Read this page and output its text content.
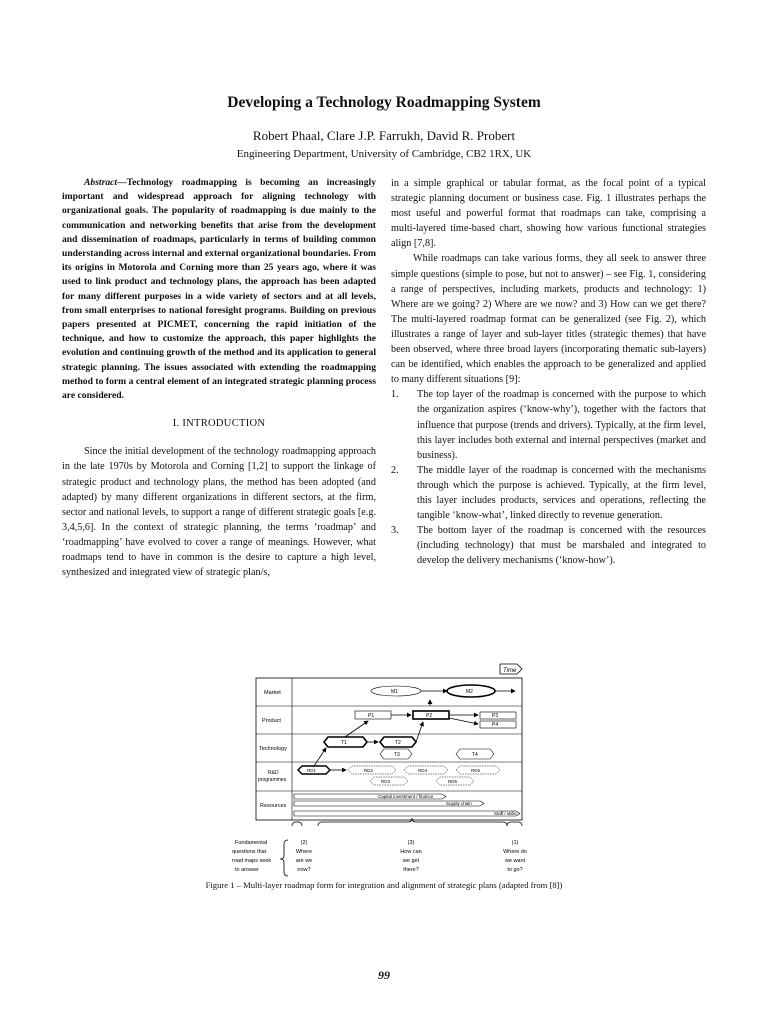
Developing a Technology Roadmapping System
Robert Phaal, Clare J.P. Farrukh, David R. Probert
Engineering Department, University of Cambridge, CB2 1RX, UK

Abstract—Technology roadmapping is becoming an increasingly important and widespread approach for aligning technology with organizational goals. The popularity of roadmapping is due mainly to the communication and networking benefits that arise from the development and dissemination of roadmaps, particularly in terms of building common understanding across internal and external organizational boundaries. From its origins in Motorola and Corning more than 25 years ago, where it was used to link product and technology plans, the approach has been adapted for many different purposes in a wide variety of sectors and at all levels, from small enterprises to national foresight programs. Building on previous papers presented at PICMET, concerning the rapid initiation of the technique, and how to customize the approach, this paper highlights the evolution and continuing growth of the method and its application to general strategic planning. The issues associated with extending the roadmapping method to form a central element of an integrated strategic planning process are considered.

I. INTRODUCTION

Since the initial development of the technology roadmapping approach in the late 1970s by Motorola and Corning [1,2] to support the linkage of strategic product and technology plans, the method has been adopted (and adapted) by many different organizations in different sectors, at the firm, sector and national levels, to support a range of different strategic goals [e.g. 3,4,5,6]. In the context of strategic planning, the terms ‘roadmap’ and ‘roadmapping’ have evolved to cover a range of meanings. However, what roadmaps tend to have in common is the desire to capture a high level, synthesized and integrated view of strategic plan/s,

in a simple graphical or tabular format, as the focal point of a typical strategic planning document or business case. Fig. 1 illustrates perhaps the most useful and powerful format that roadmaps can take, comprising a multi-layered time-based chart, showing how various functional strategies align [7,8].

While roadmaps can take various forms, they all seek to answer three simple questions (simple to pose, but not to answer) – see Fig. 1, considering a range of perspectives, including markets, products and technology: 1) Where are we going? 2) Where are we now? and 3) How can we get there? The multi-layered roadmap format can be generalized (see Fig. 2), which illustrates a range of layer and sub-layer titles (strategic themes) that have been observed, where three broad layers (incorporating thematic sub-layers) can be identified, which enables the approach to be generalized and applied to many different situations [9]:

1. The top layer of the roadmap is concerned with the purpose to which the organization aspires (‘know-why’), together with the factors that influence that purpose (trends and drivers). Typically, at the firm level, this layer includes both external and internal perspectives (market and business).
2. The middle layer of the roadmap is concerned with the mechanisms through which the purpose is achieved. Typically, at the firm level, this layer includes products, services and operations, reflecting the tangible ‘know-what’, linked directly to revenue generation.
3. The bottom layer of the roadmap is concerned with the resources (including technology) that must be marshaled and integrated to develop the delivery mechanisms (‘know-how’).
Time
Market
Product
Technology
R&D
programmes
Resources
M1	M2
P1	P2	P3
P4
T1	T2
T3	T4
RD1	RD2
RD3
RD4
RD5
RD6
Capital investment / finance
Supply chain
Staff / skills
Fundamental
questions that
road maps seek
to answer
(2)
Where
are we
now?
(3)
How can
we get
there?
(1)
Where do
we want
to go?
Figure 1 – Multi-layer roadmap form for integration and alignment of strategic plans (adapted from [8])
99
